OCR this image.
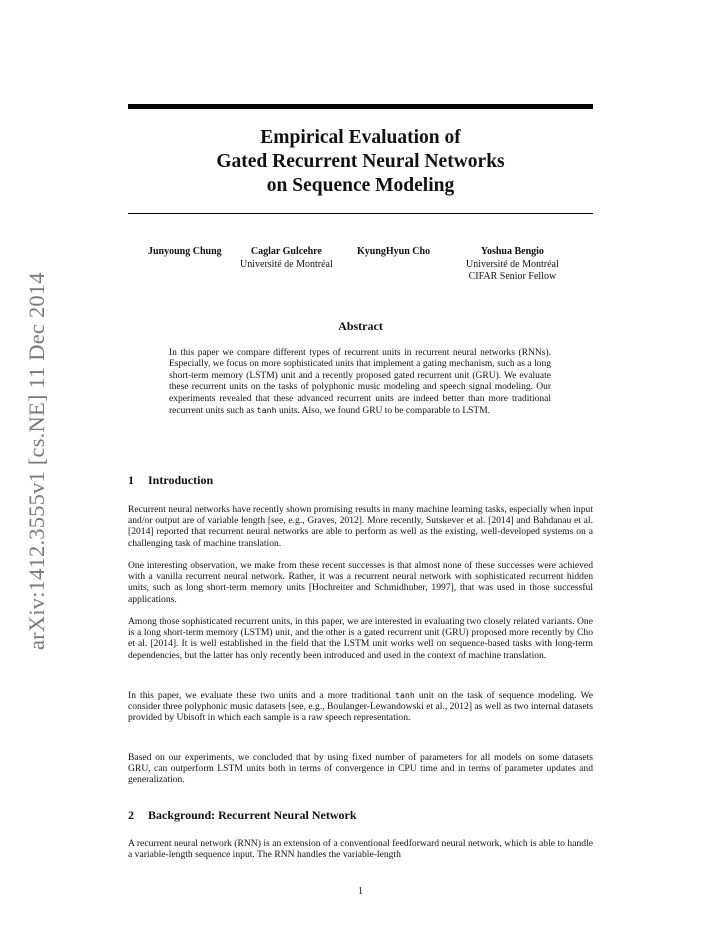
arXiv:1412.3555v1 [cs.NE] 11 Dec 2014
Empirical Evaluation of
Gated Recurrent Neural Networks
on Sequence Modeling
Junyoung Chung	Caglar Gulcehre
Université de Montréal
KyungHyun Cho	Yoshua Bengio
Université de Montréal
CIFAR Senior Fellow
Abstract
In this paper we compare different types of recurrent units in recurrent neural networks (RNNs). Especially, we focus on more sophisticated units that implement a gating mechanism, such as a long short-term memory (LSTM) unit and a recently proposed gated recurrent unit (GRU). We evaluate these recurrent units on the tasks of polyphonic music modeling and speech signal modeling. Our experiments revealed that these advanced recurrent units are indeed better than more traditional recurrent units such as tanh units. Also, we found GRU to be comparable to LSTM.
1 Introduction
Recurrent neural networks have recently shown promising results in many machine learning tasks, especially when input and/or output are of variable length [see, e.g., Graves, 2012]. More recently, Sutskever et al. [2014] and Bahdanau et al. [2014] reported that recurrent neural networks are able to perform as well as the existing, well-developed systems on a challenging task of machine translation.
One interesting observation, we make from these recent successes is that almost none of these successes were achieved with a vanilla recurrent neural network. Rather, it was a recurrent neural network with sophisticated recurrent hidden units, such as long short-term memory units [Hochreiter and Schmidhuber, 1997], that was used in those successful applications.
Among those sophisticated recurrent units, in this paper, we are interested in evaluating two closely related variants. One is a long short-term memory (LSTM) unit, and the other is a gated recurrent unit (GRU) proposed more recently by Cho et al. [2014]. It is well established in the field that the LSTM unit works well on sequence-based tasks with long-term dependencies, but the latter has only recently been introduced and used in the context of machine translation.
In this paper, we evaluate these two units and a more traditional tanh unit on the task of sequence modeling. We consider three polyphonic music datasets [see, e.g., Boulanger-Lewandowski et al., 2012] as well as two internal datasets provided by Ubisoft in which each sample is a raw speech representation.
Based on our experiments, we concluded that by using fixed number of parameters for all models on some datasets GRU, can outperform LSTM units both in terms of convergence in CPU time and in terms of parameter updates and generalization.
2 Background: Recurrent Neural Network
A recurrent neural network (RNN) is an extension of a conventional feedforward neural network, which is able to handle a variable-length sequence input. The RNN handles the variable-length
1
